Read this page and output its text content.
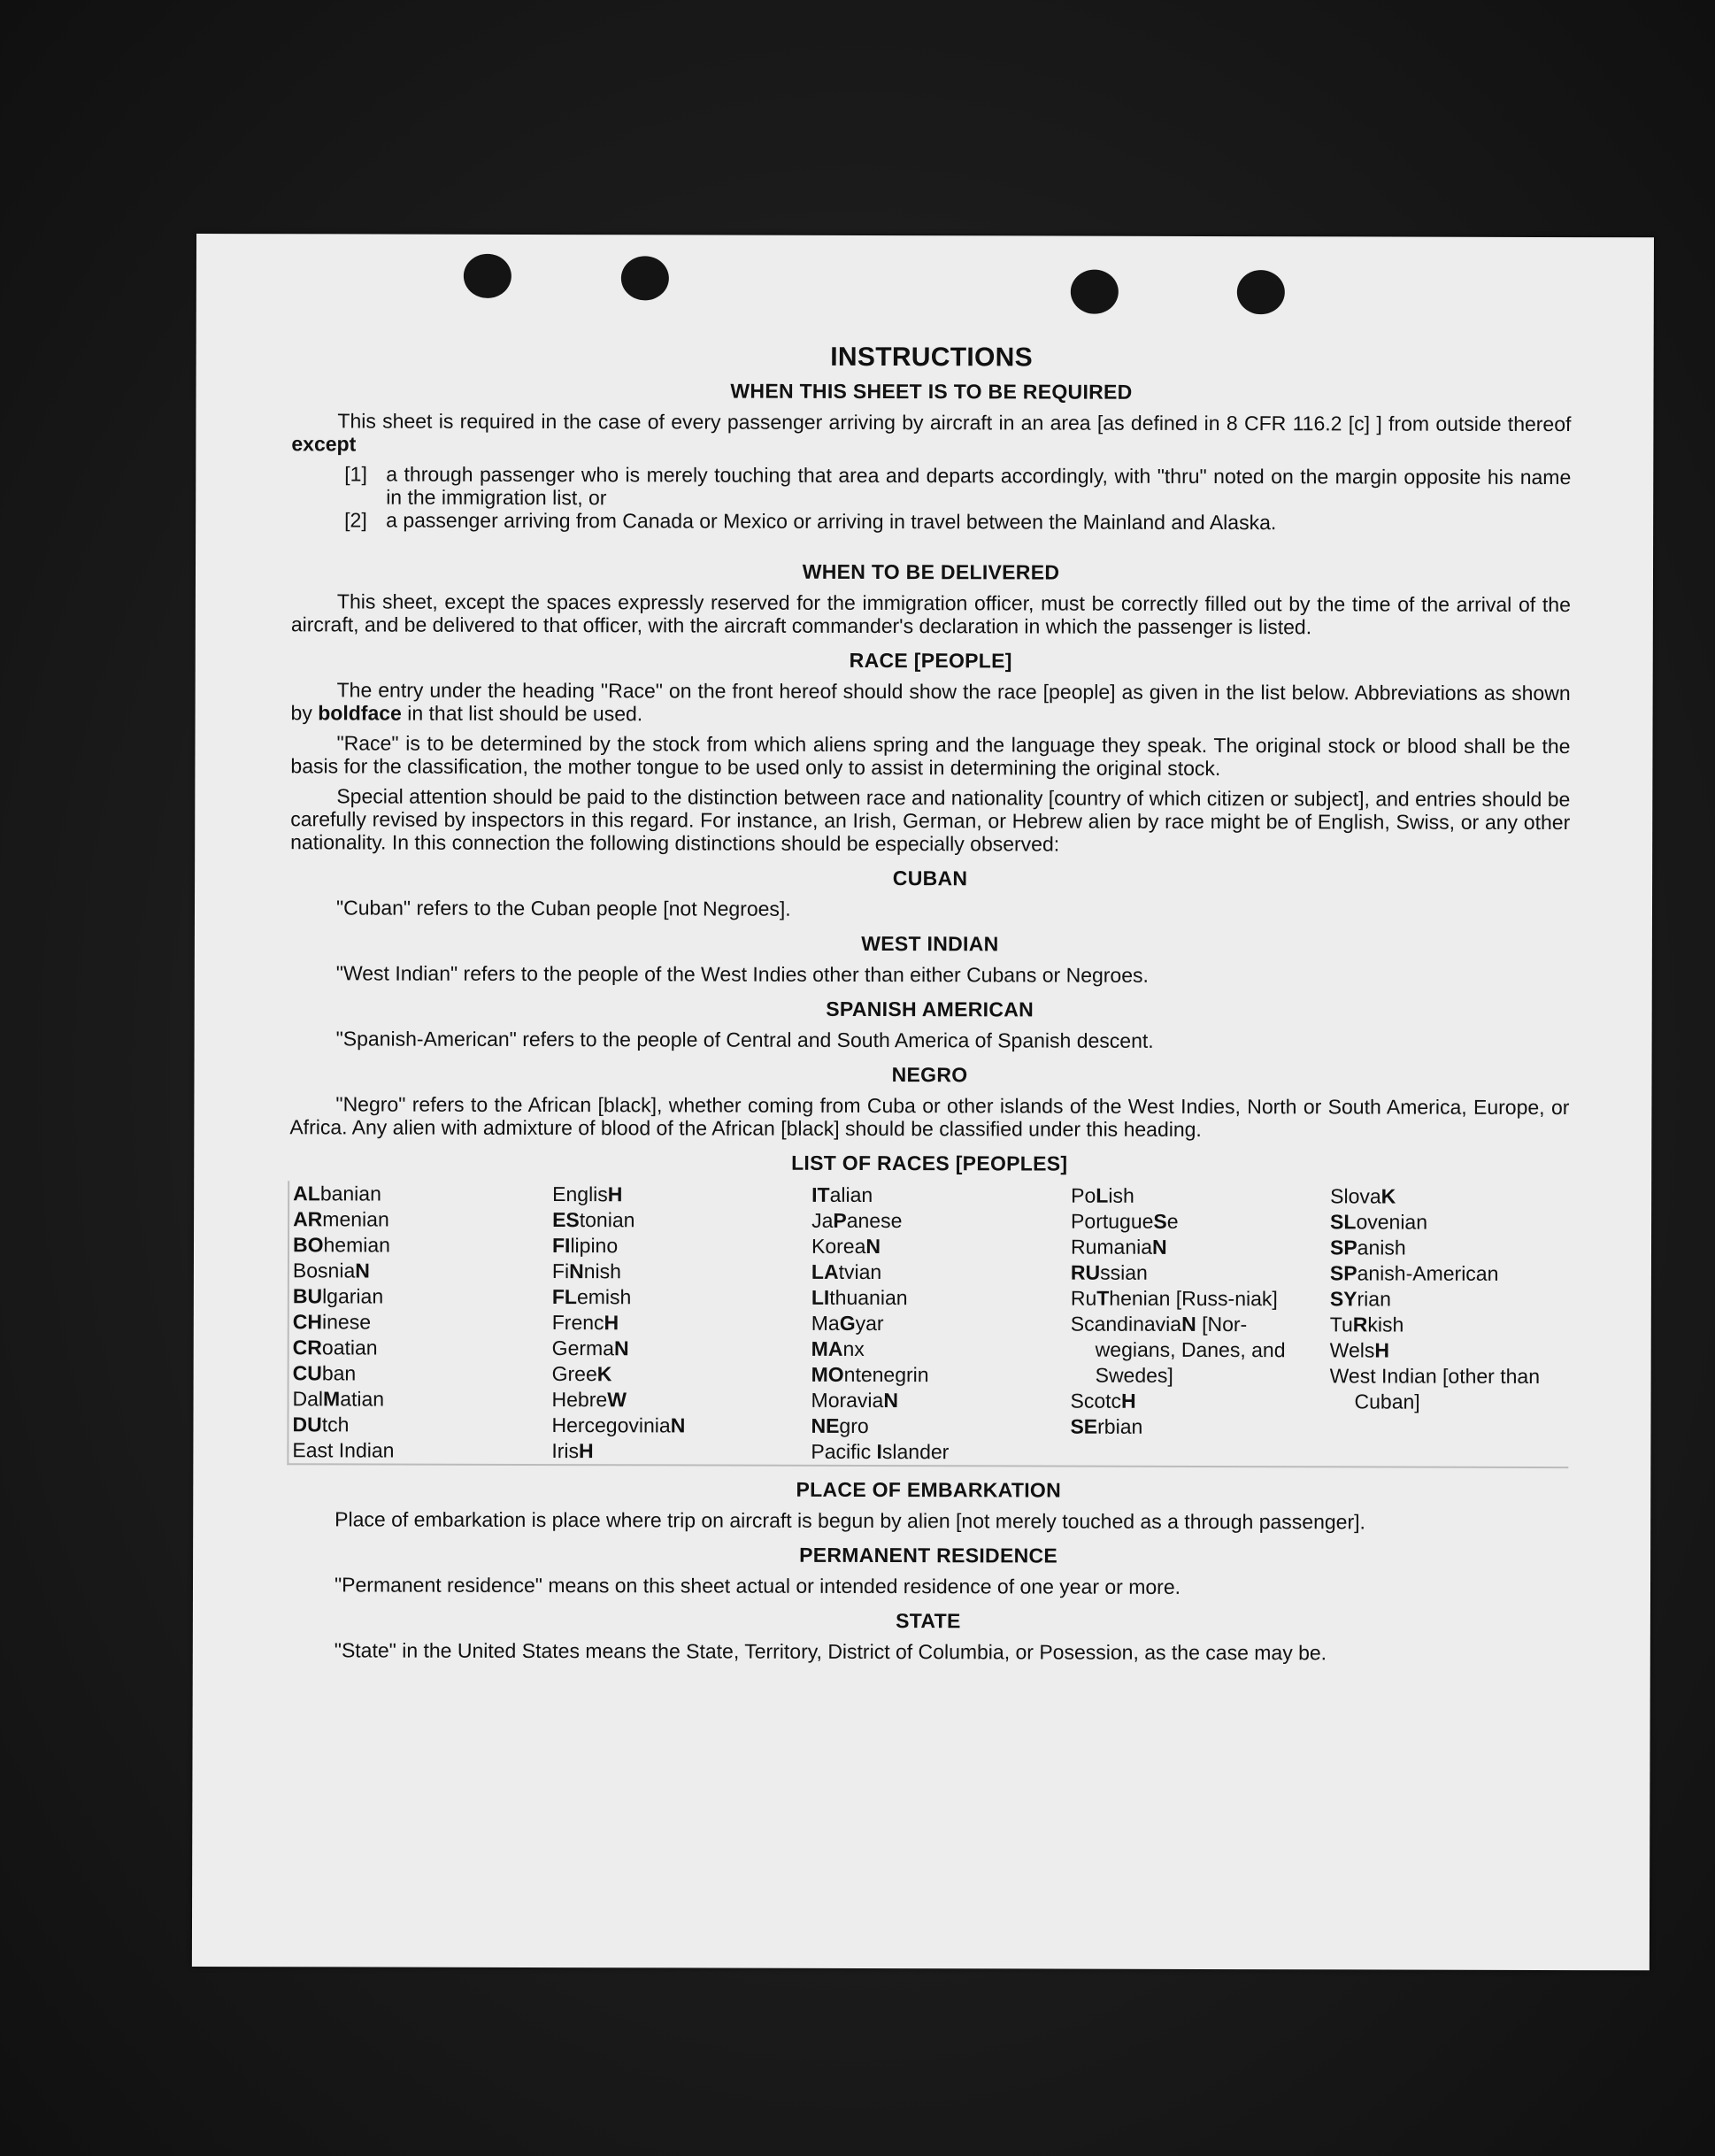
INSTRUCTIONS
WHEN THIS SHEET IS TO BE REQUIRED

This sheet is required in the case of every passenger arriving by aircraft in an area [as defined in 8 CFR 116.2 [c] ] from outside thereof except

[1] a through passenger who is merely touching that area and departs accordingly, with "thru" noted on the margin opposite his name in the immigration list, or

[2] a passenger arriving from Canada or Mexico or arriving in travel between the Mainland and Alaska.

WHEN TO BE DELIVERED

This sheet, except the spaces expressly reserved for the immigration officer, must be correctly filled out by the time of the arrival of the aircraft, and be delivered to that officer, with the aircraft commander's declaration in which the passenger is listed.

RACE [PEOPLE]

The entry under the heading "Race" on the front hereof should show the race [people] as given in the list below. Abbreviations as shown by boldface in that list should be used.

"Race" is to be determined by the stock from which aliens spring and the language they speak. The original stock or blood shall be the basis for the classification, the mother tongue to be used only to assist in determining the original stock.

Special attention should be paid to the distinction between race and nationality [country of which citizen or subject], and entries should be carefully revised by inspectors in this regard. For instance, an Irish, German, or Hebrew alien by race might be of English, Swiss, or any other nationality. In this connection the following distinctions should be especially observed:

CUBAN

"Cuban" refers to the Cuban people [not Negroes].

WEST INDIAN

"West Indian" refers to the people of the West Indies other than either Cubans or Negroes.

SPANISH AMERICAN

"Spanish-American" refers to the people of Central and South America of Spanish descent.

NEGRO

"Negro" refers to the African [black], whether coming from Cuba or other islands of the West Indies, North or South America, Europe, or Africa. Any alien with admixture of blood of the African [black] should be classified under this heading.

LIST OF RACES [PEOPLES]
ALbanian
ARmenian
BOhemian
BosniaN
BUlgarian
CHinese
CRoatian
CUban
DalMatian
DUtch
East Indian
EnglisH
EStonian
FIlipino
FiNnish
FLemish
FrencH
GermaN
GreeK
HebreW
HercegoviniaN
IrisH
ITalian
JaPanese
KoreaN
LAtvian
LIthuanian
MaGyar
MAnx
MOntenegrin
MoraviaN
NEgro
Pacific Islander
PoLish
PortugueSe
RumaniaN
RUssian
RuThenian [Russ-niak]
ScandinaviaN [Nor-wegians, Danes, and Swedes]
ScotcH
SErbian
SlovaK
SLovenian
SPanish
SPanish-American
SYrian
TuRkish
WelsH
West Indian [other than Cuban]
PLACE OF EMBARKATION

Place of embarkation is place where trip on aircraft is begun by alien [not merely touched as a through passenger].

PERMANENT RESIDENCE

"Permanent residence" means on this sheet actual or intended residence of one year or more.

STATE

"State" in the United States means the State, Territory, District of Columbia, or Posession, as the case may be.
